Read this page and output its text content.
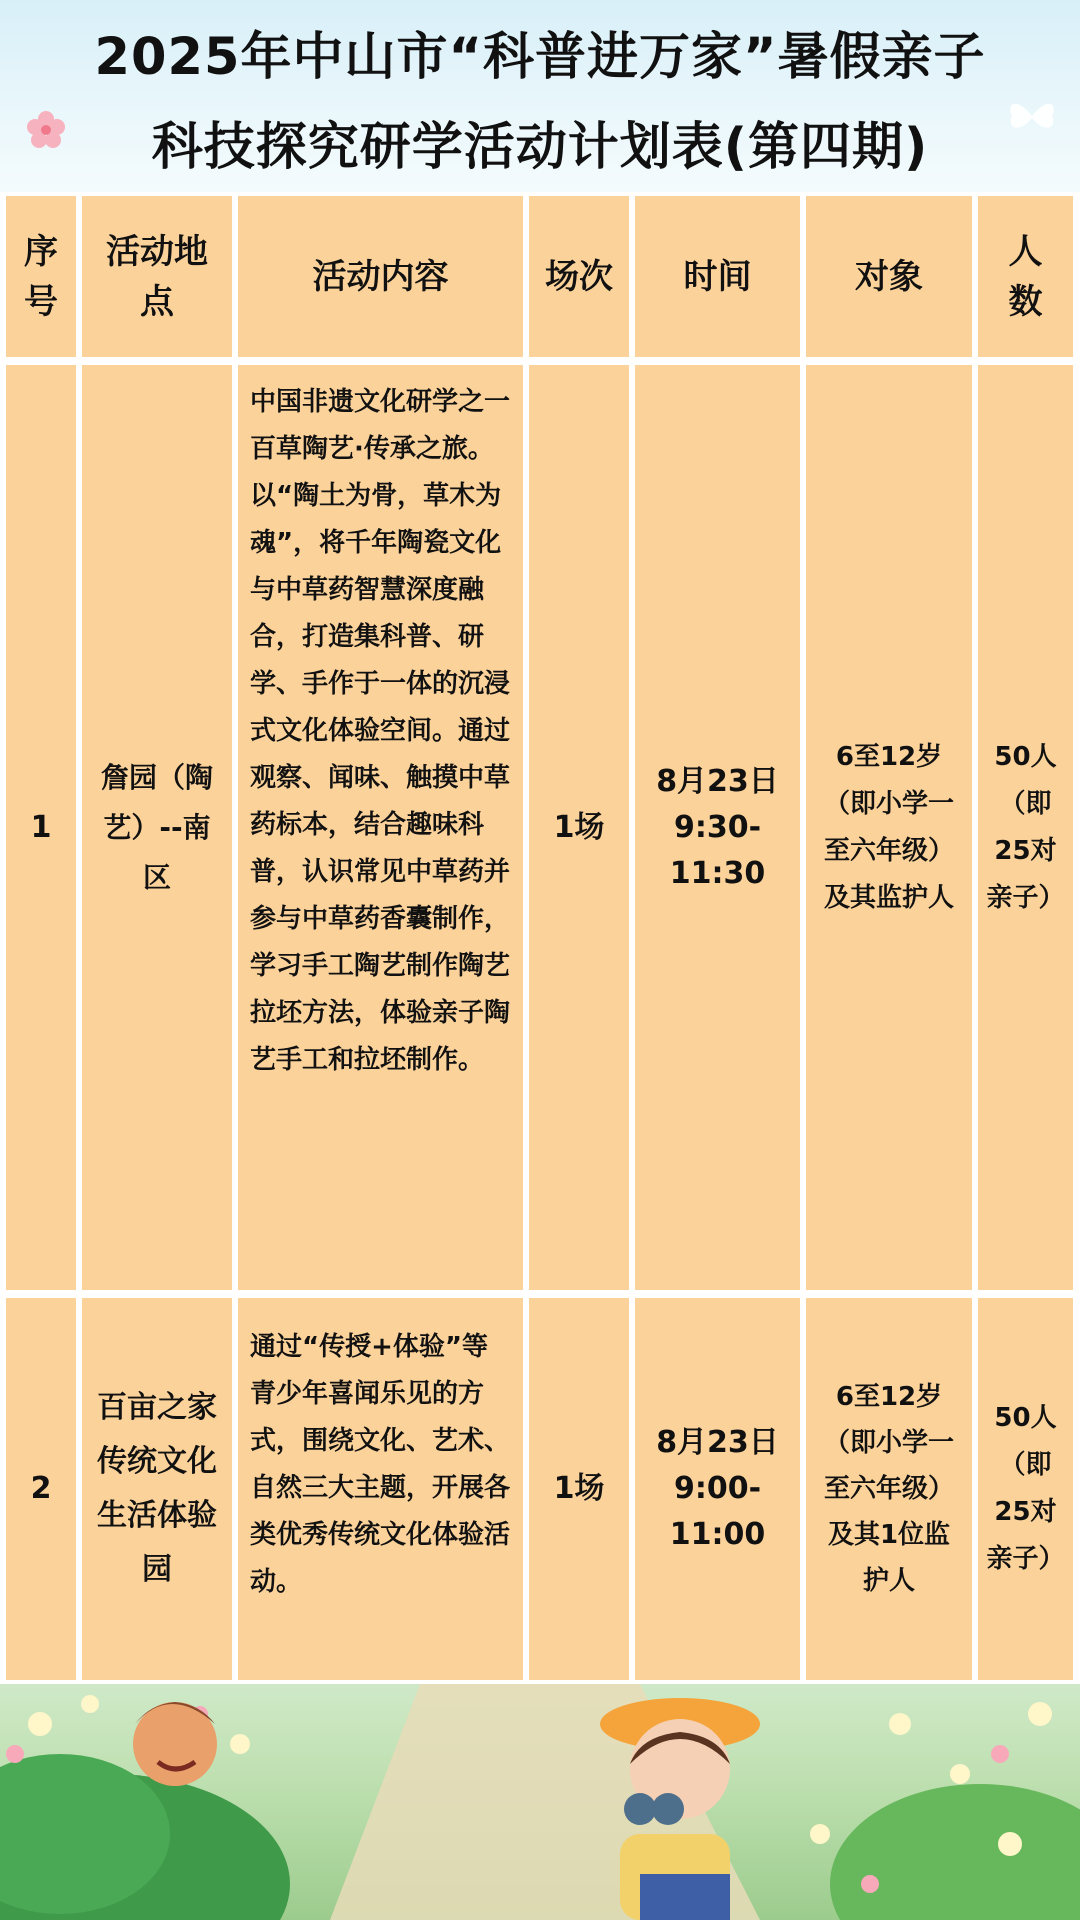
2025年中山市“科普进万家”暑假亲子
科技探究研学活动计划表(第四期)
序号
活动地点
活动内容	场次 时间	对象
人数
1
詹园（陶艺）--南区
中国非遗文化研学之一百草陶艺·传承之旅。以“陶土为骨，草木为魂”，将千年陶瓷文化与中草药智慧深度融合，打造集科普、研学、手作于一体的沉浸式文化体验空间。通过观察、闻味、触摸中草药标本，结合趣味科普，认识常见中草药并参与中草药香囊制作，学习手工陶艺制作陶艺拉坯方法，体验亲子陶艺手工和拉坯制作。
1场
8月23日9:30-11:30
6至12岁（即小学一至六年级）及其监护人
50人（即25对亲子）
2
百亩之家传统文化生活体验园
通过“传授+体验”等青少年喜闻乐见的方式，围绕文化、艺术、自然三大主题，开展各类优秀传统文化体验活动。
1场
8月23日9:00-11:00
6至12岁（即小学一至六年级）及其1位监护人
50人（即25对亲子）
